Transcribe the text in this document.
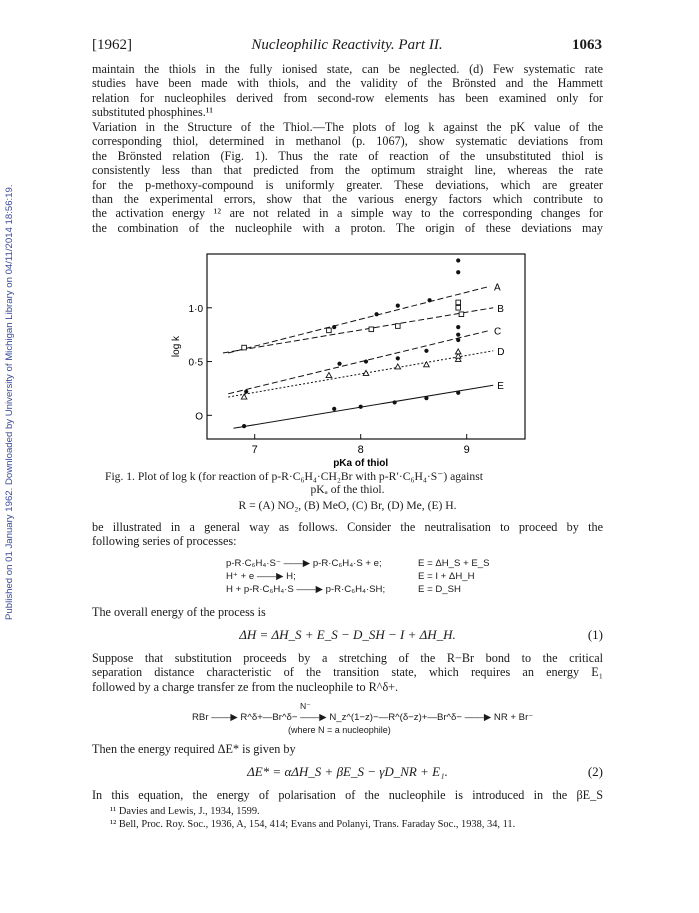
Published on 01 January 1962. Downloaded by University of Michigan Library on 04/11/2014 18:56:19.
[1962]	Nucleophilic Reactivity. Part II.	1063
maintain the thiols in the fully ionised state, can be neglected. (d) Few systematic rate
studies have been made with thiols, and the validity of the Brönsted and the Hammett
relation for nucleophiles derived from second-row elements has been examined only for
substituted phosphines.¹¹
Variation in the Structure of the Thiol.—The plots of log k against the pK value of the
corresponding thiol, determined in methanol (p. 1067), show systematic deviations from
the Brönsted relation (Fig. 1). Thus the rate of reaction of the unsubstituted thiol is
consistently less than that predicted from the optimum straight line, whereas the rate
for the p-methoxy-compound is uniformly greater. These deviations, which are greater
than the experimental errors, show that the various energy factors which contribute to
the activation energy ¹² are not related in a simple way to the corresponding changes for
the combination of the nucleophile with a proton. The origin of these deviations may
7	8	9
O
0·5
1·0
log k
pKa of thiol
A
B
C
D
E
Fig. 1. Plot of log k (for reaction of p-R·C₆H₄·CH₂Br with p-R′·C₆H₄·S⁻) against
pKₐ of the thiol.
R = (A) NO₂, (B) MeO, (C) Br, (D) Me, (E) H.
be illustrated in a general way as follows. Consider the neutralisation to proceed by the
following series of processes:
p-R·C₆H₄·S⁻ ——▶ p-R·C₆H₄·S + e;	E = ΔH_S + E_S
H⁺ + e ——▶ H;	E = I + ΔH_H
H + p-R·C₆H₄·S ——▶ p-R·C₆H₄·SH;	E = D_SH
The overall energy of the process is
ΔH = ΔH_S + E_S − D_SH − I + ΔH_H.	(1)
Suppose that substitution proceeds by a stretching of the R−Br bond to the critical
separation distance characteristic of the transition state, which requires an energy E₁
followed by a charge transfer ze from the nucleophile to R^δ+.
N⁻
RBr ——▶ R^δ+—Br^δ− ——▶ N_z^(1−z)−—R^(δ−z)+—Br^δ− ——▶ NR + Br⁻
(where N = a nucleophile)
Then the energy required ΔE* is given by
ΔE* = αΔH_S + βE_S − γD_NR + E₁.	(2)
In this equation, the energy of polarisation of the nucleophile is introduced in the βE_S
¹¹ Davies and Lewis, J., 1934, 1599.
¹² Bell, Proc. Roy. Soc., 1936, A, 154, 414; Evans and Polanyi, Trans. Faraday Soc., 1938, 34, 11.
